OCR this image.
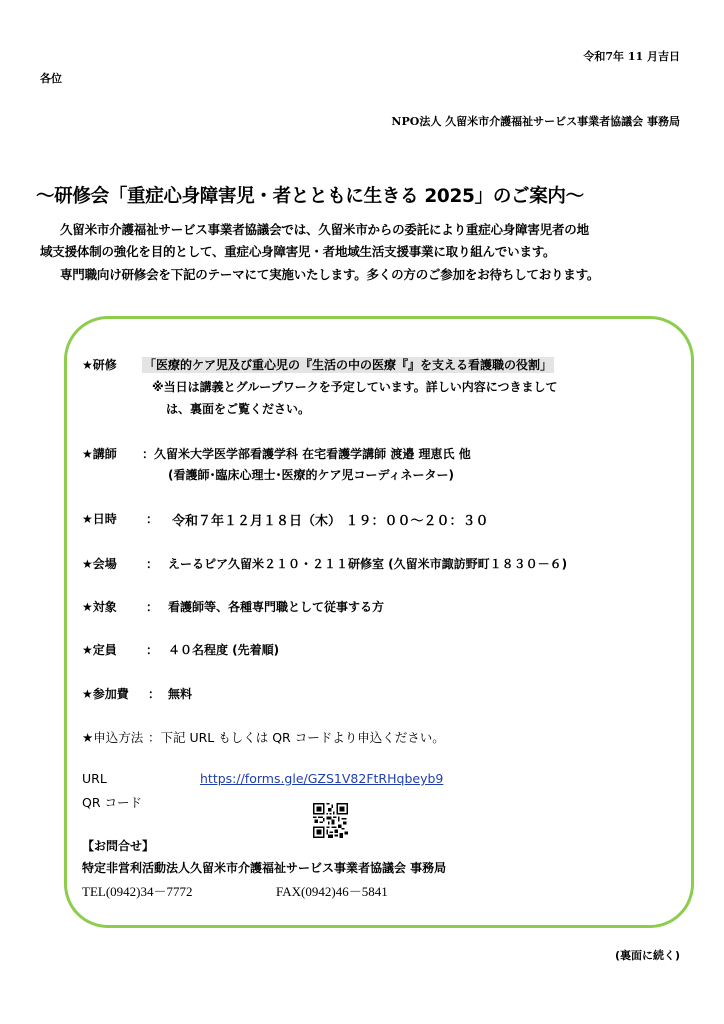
令和7年 11 月吉日
各位
NPO法人 久留米市介護福祉サービス事業者協議会 事務局
～研修会「重症心身障害児・者とともに生きる 2025」のご案内～
久留米市介護福祉サービス事業者協議会では、久留米市からの委託により重症心身障害児者の地
域支援体制の強化を目的として、重症心身障害児・者地域生活支援事業に取り組んでいます。
専門職向け研修会を下記のテーマにて実施いたします。多くの方のご参加をお待ちしております。
★研修 「医療的ケア児及び重心児の『生活の中の医療『』を支える看護職の役割」
※当日は講義とグループワークを予定しています。詳しい内容につきまして
は、裏面をご覧ください。
★講師 ：久留米大学医学部看護学科 在宅看護学講師 渡邉 理恵氏 他
(看護師･臨床心理士･医療的ケア児コーディネーター)
★日時 ： 令和７年１２月１８日（木） １９：００～２０：３０
★会場 ： えーるピア久留米２１０・２１１研修室 (久留米市諏訪野町１８３０－６)
★対象 ： 看護師等、各種専門職として従事する方
★定員 ： ４０名程度 (先着順)
★参加費 ： 無料
★申込方法 ：下記 URL もしくは QR コードより申込ください。
URL	https://forms.gle/GZS1V82FtRHqbeyb9
QR コード
【お問合せ】
特定非営利活動法人久留米市介護福祉サービス事業者協議会 事務局
TEL(0942)34－7772	FAX(0942)46－5841
(裏面に続く)
